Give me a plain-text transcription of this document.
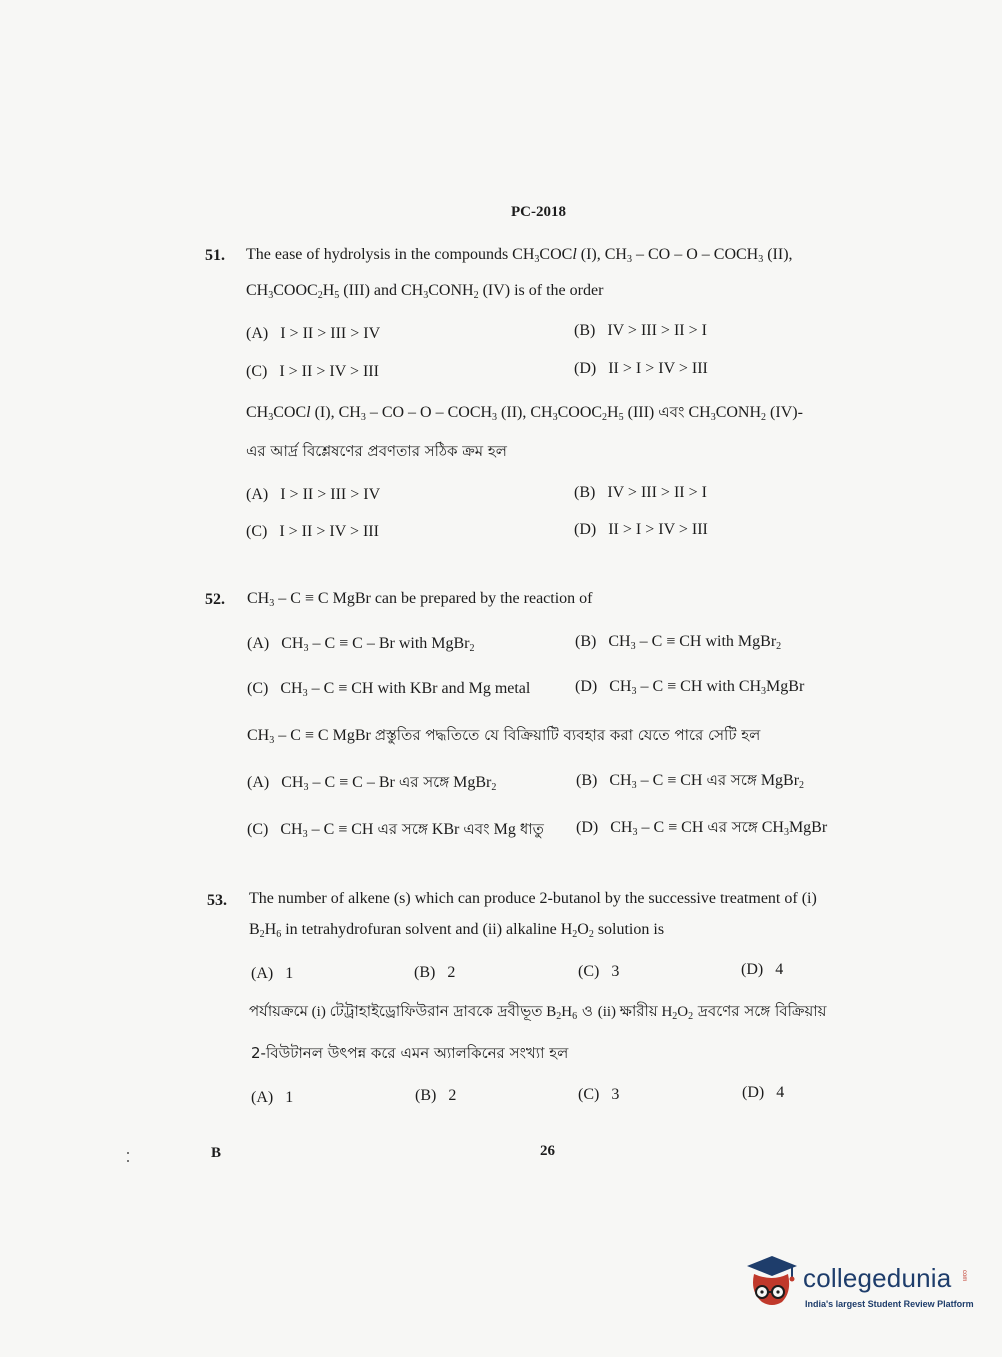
PC-2018
51. The ease of hydrolysis in the compounds $CH_3COCl$ (I), $CH_3$ – CO – O – $COCH_3$ (II),
$CH_3COOC_2H_5$ (III) and $CH_3CONH_2$ (IV) is of the order
(A) I > II > III > IV	(B) IV > III > II > I
(C) I > II > IV > III	(D) II > I > IV > III
$CH_3COCl$ (I), $CH_3$ – CO – O – $COCH_3$ (II), $CH_3COOC_2H_5$ (III) এবং $CH_3CONH_2$ (IV)-
এর আর্দ্র বিশ্লেষণের প্রবণতার সঠিক ক্রম হল
(A) I > II > III > IV	(B) IV > III > II > I
(C) I > II > IV > III	(D) II > I > IV > III
52. $CH_3 - C \equiv C$ MgBr can be prepared by the reaction of
(A) $CH_3 - C \equiv C - Br$ with MgBr$_2$	(B) $CH_3$ – C ≡ CH with MgBr$_2$
(C) $CH_3$ – C ≡ CH with KBr and Mg metal	(D) $CH_3$ – C ≡ CH with $CH_3MgBr$
$CH_3 - C \equiv C$ MgBr প্রস্তুতির পদ্ধতিতে যে বিক্রিয়াটি ব্যবহার করা যেতে পারে সেটি হল
(A) $CH_3 - C \equiv C - Br$ এর সঙ্গে MgBr$_2$	(B) $CH_3$ – C ≡ CH এর সঙ্গে MgBr$_2$
(C) $CH_3$ – C ≡ CH এর সঙ্গে KBr এবং Mg ধাতু (D) $CH_3$ – C ≡ CH এর সঙ্গে $CH_3MgBr$
53. The number of alkene (s) which can produce 2-butanol by the successive treatment of (i)
$B_2H_6$ in tetrahydrofuran solvent and (ii) alkaline $H_2O_2$ solution is
(A) 1	(B) 2	(C) 3	(D) 4
পর্যায়ক্রমে (i) টেট্রাহাইড্রোফিউরান দ্রাবকে দ্রবীভূত $B_2H_6$ ও (ii) ক্ষারীয় $H_2O_2$ দ্রবণের সঙ্গে বিক্রিয়ায়
2-বিউটানল উৎপন্ন করে এমন অ্যালকিনের সংখ্যা হল
(A) 1	(B) 2	(C) 3	(D) 4
B	26
collegedunia com
India's largest Student Review Platform
